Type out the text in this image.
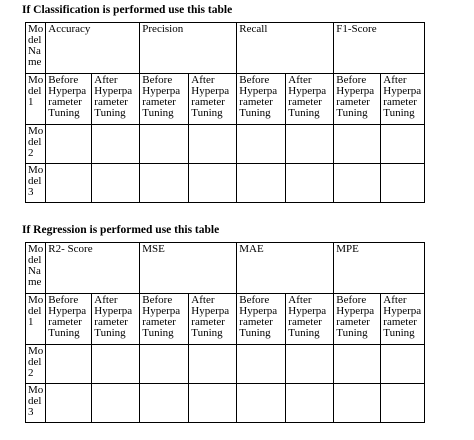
If Classification is performed use this table
Mo
del
Na
me	Accuracy		Precision		Recall		F1-Score	
Mo
del
1	Before
Hyperpa
rameter
Tuning	After
Hyperpa
rameter
Tuning	Before
Hyperpa
rameter
Tuning	After
Hyperpa
rameter
Tuning	Before
Hyperpa
rameter
Tuning	After
Hyperpa
rameter
Tuning	Before
Hyperpa
rameter
Tuning	After
Hyperpa
rameter
Tuning
Mo
del
2								
Mo
del
3								
If Regression is performed use this table
Mo
del
Na
me	R2- Score		MSE		MAE		MPE	
Mo
del
1	Before
Hyperpa
rameter
Tuning	After
Hyperpa
rameter
Tuning	Before
Hyperpa
rameter
Tuning	After
Hyperpa
rameter
Tuning	Before
Hyperpa
rameter
Tuning	After
Hyperpa
rameter
Tuning	Before
Hyperpa
rameter
Tuning	After
Hyperpa
rameter
Tuning
Mo
del
2								
Mo
del
3								
